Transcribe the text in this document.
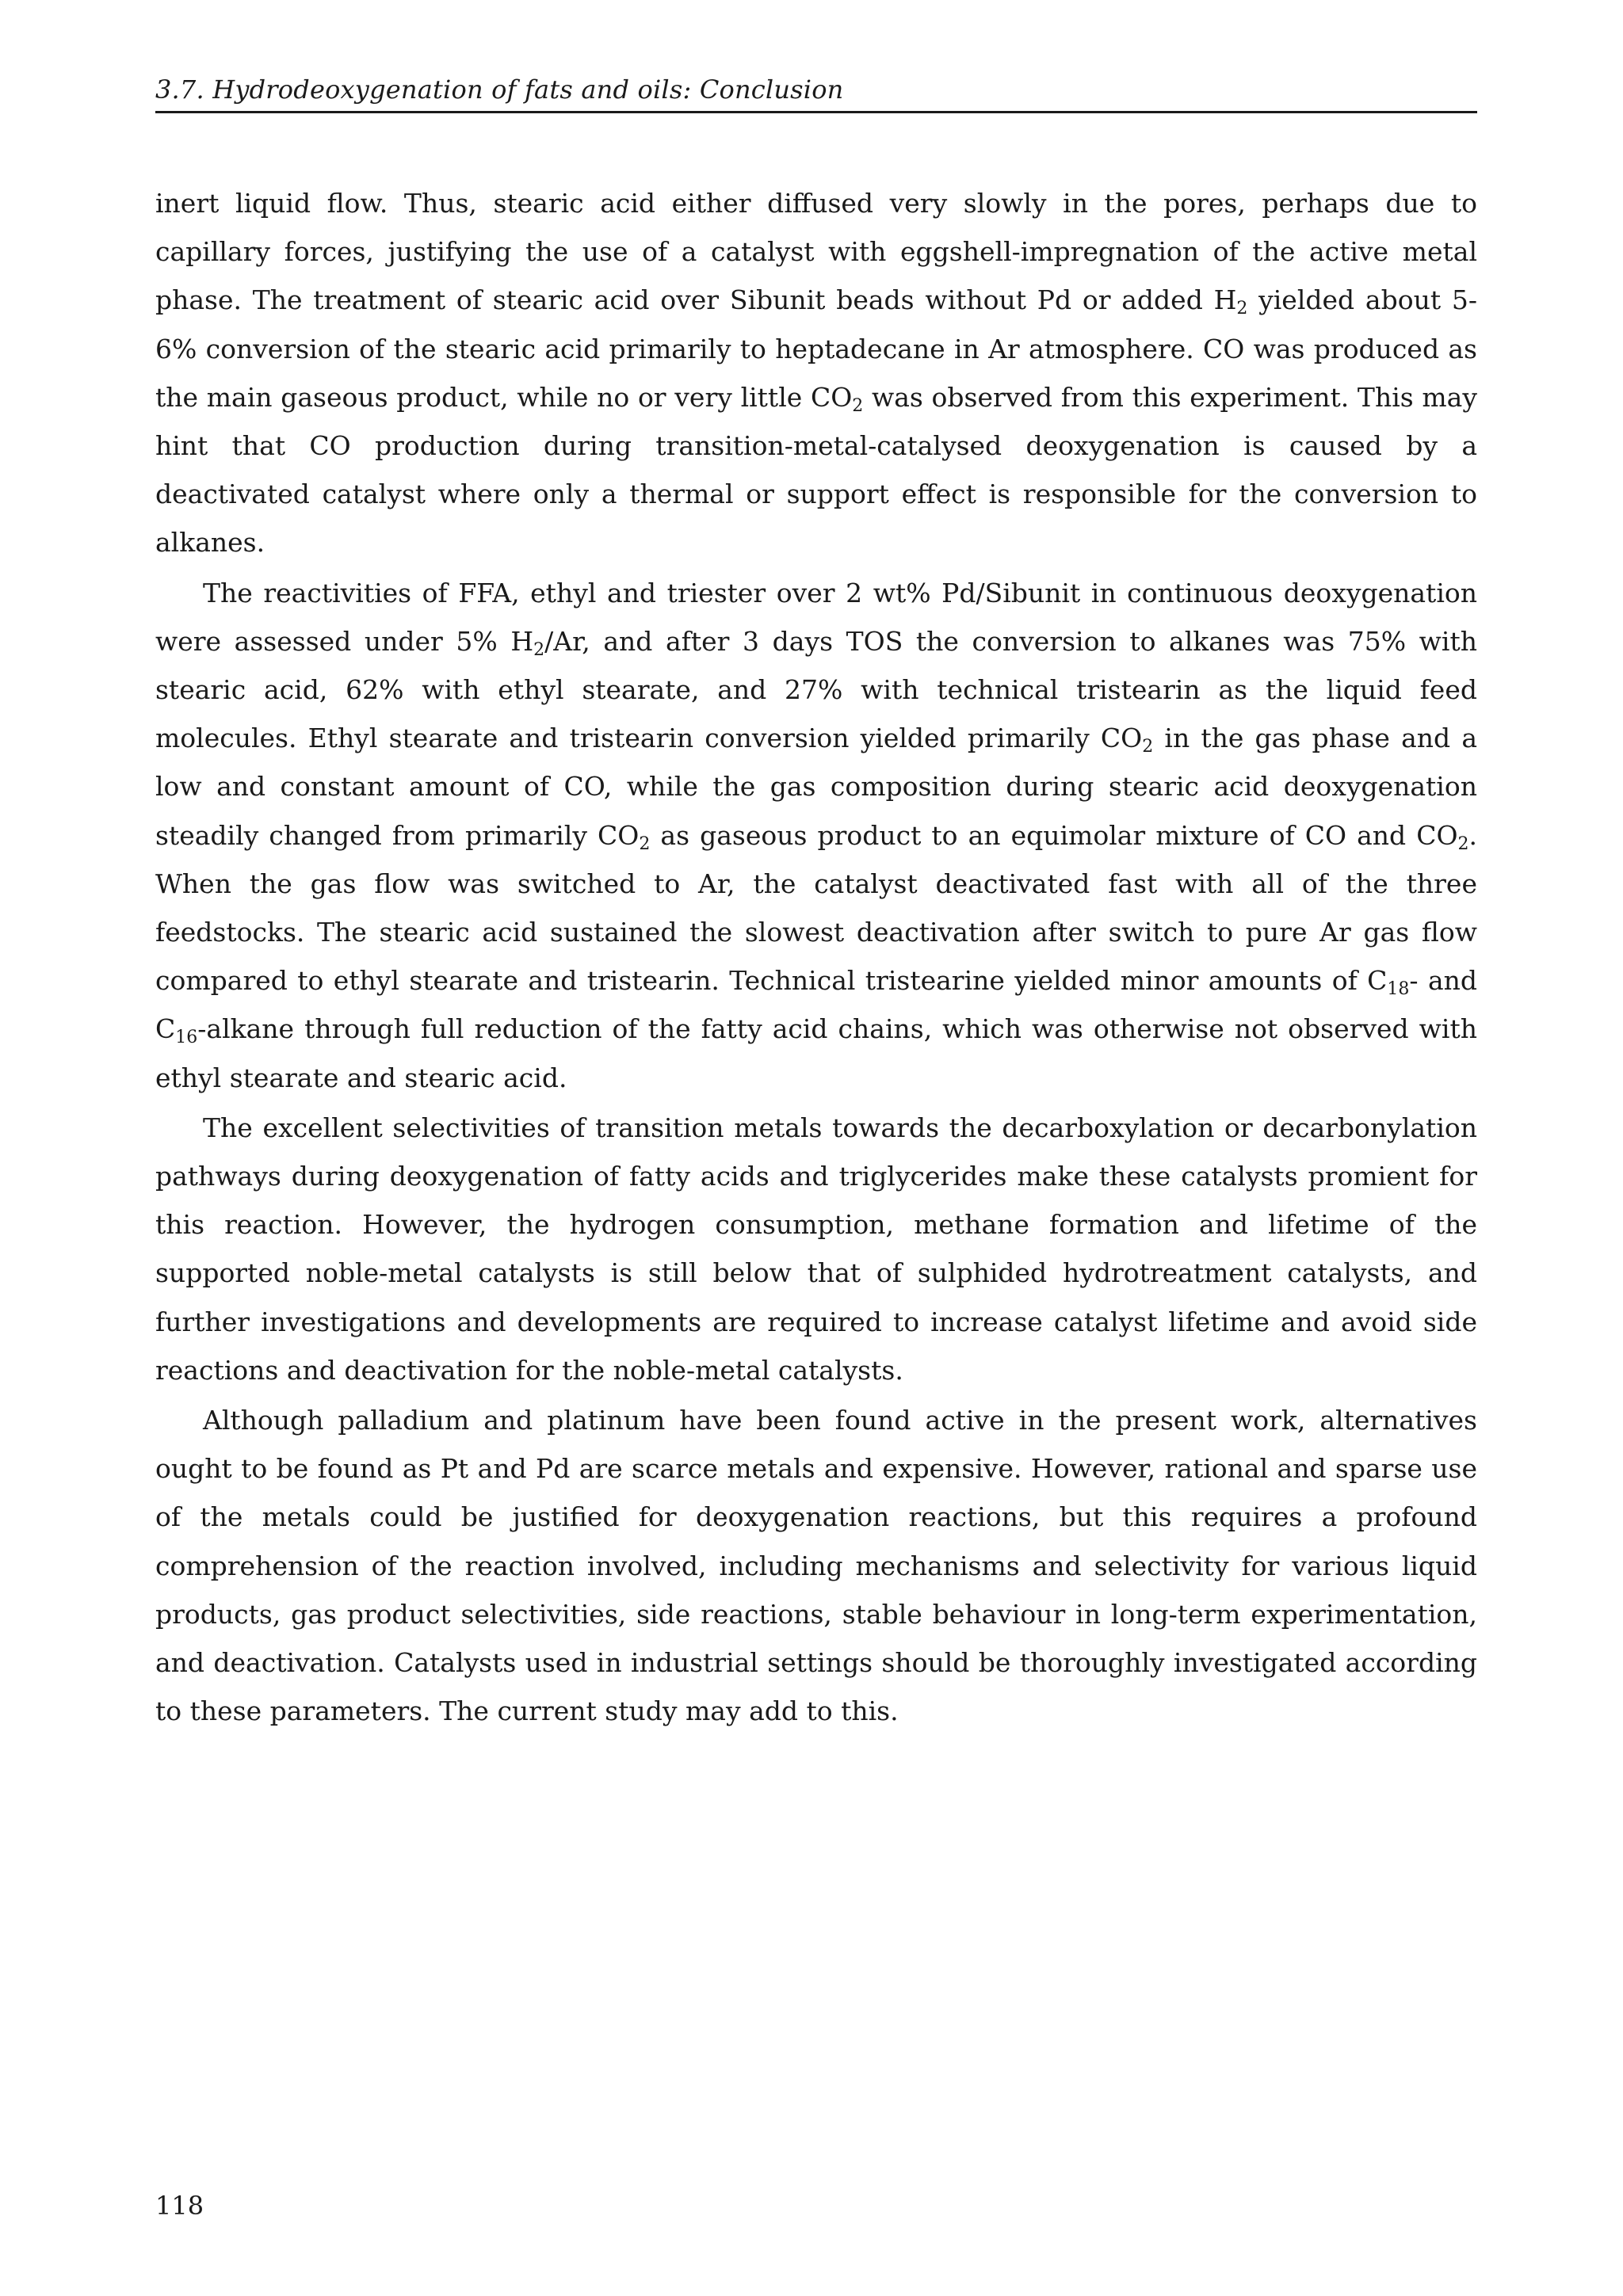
3.7. Hydrodeoxygenation of fats and oils: Conclusion

inert liquid flow. Thus, stearic acid either diffused very slowly in the pores, perhaps due to capillary forces, justifying the use of a catalyst with eggshell-impregnation of the active metal phase. The treatment of stearic acid over Sibunit beads without Pd or added $H_2$ yielded about 5-6% conversion of the stearic acid primarily to heptadecane in Ar atmosphere. CO was produced as the main gaseous product, while no or very little $CO_2$ was observed from this experiment. This may hint that CO production during transition-metal-catalysed deoxygenation is caused by a deactivated catalyst where only a thermal or support effect is responsible for the conversion to alkanes.

The reactivities of FFA, ethyl and triester over 2 wt% Pd/Sibunit in continuous deoxygenation were assessed under 5% $H_2/Ar$, and after 3 days TOS the conversion to alkanes was 75% with stearic acid, 62% with ethyl stearate, and 27% with technical tristearin as the liquid feed molecules. Ethyl stearate and tristearin conversion yielded primarily $CO_2$ in the gas phase and a low and constant amount of CO, while the gas composition during stearic acid deoxygenation steadily changed from primarily $CO_2$ as gaseous product to an equimolar mixture of CO and $CO_2$. When the gas flow was switched to Ar, the catalyst deactivated fast with all of the three feedstocks. The stearic acid sustained the slowest deactivation after switch to pure Ar gas flow compared to ethyl stearate and tristearin. Technical tristearine yielded minor amounts of $C_{18}-$ and $C_{16}$-alkane through full reduction of the fatty acid chains, which was otherwise not observed with ethyl stearate and stearic acid.

The excellent selectivities of transition metals towards the decarboxylation or decarbonylation pathways during deoxygenation of fatty acids and triglycerides make these catalysts promient for this reaction. However, the hydrogen consumption, methane formation and lifetime of the supported noble-metal catalysts is still below that of sulphided hydrotreatment catalysts, and further investigations and developments are required to increase catalyst lifetime and avoid side reactions and deactivation for the noble-metal catalysts.

Although palladium and platinum have been found active in the present work, alternatives ought to be found as Pt and Pd are scarce metals and expensive. However, rational and sparse use of the metals could be justified for deoxygenation reactions, but this requires a profound comprehension of the reaction involved, including mechanisms and selectivity for various liquid products, gas product selectivities, side reactions, stable behaviour in long-term experimentation, and deactivation. Catalysts used in industrial settings should be thoroughly investigated according to these parameters. The current study may add to this.

118
